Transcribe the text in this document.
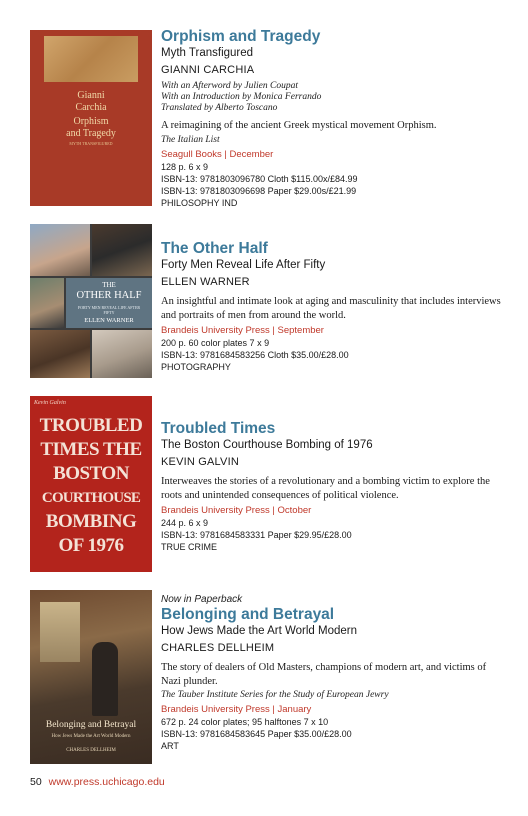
Gianni
Carchia
Orphism
and Tragedy
MYTH TRANSFIGURED
Orphism and Tragedy
Myth Transfigured
GIANNI CARCHIA
With an Afterword by Julien Coupat
With an Introduction by Monica Ferrando
Translated by Alberto Toscano
A reimagining of the ancient Greek mystical movement Orphism.
The Italian List
Seagull Books | December
128 p. 6 x 9
ISBN-13: 9781803096780 Cloth $115.00x/£84.99
ISBN-13: 9781803096698 Paper $29.00s/£21.99
PHILOSOPHY IND
THE
OTHER HALF
FORTY MEN REVEAL LIFE AFTER FIFTY
ELLEN WARNER
The Other Half
Forty Men Reveal Life After Fifty
ELLEN WARNER
An insightful and intimate look at aging and masculinity that includes interviews and portraits of men from around the world.
Brandeis University Press | September
200 p. 60 color plates 7 x 9
ISBN-13: 9781684583256 Cloth $35.00/£28.00
PHOTOGRAPHY
Kevin Galvin
TROUBLED
TIMES THE
BOSTON
COURTHOUSE
BOMBING
OF 1976
Troubled Times
The Boston Courthouse Bombing of 1976
KEVIN GALVIN
Interweaves the stories of a revolutionary and a bombing victim to explore the roots and unintended consequences of political violence.
Brandeis University Press | October
244 p. 6 x 9
ISBN-13: 9781684583331 Paper $29.95/£28.00
TRUE CRIME
Belonging and Betrayal
How Jews Made the Art World Modern
CHARLES DELLHEIM
Now in Paperback
Belonging and Betrayal
How Jews Made the Art World Modern
CHARLES DELLHEIM
The story of dealers of Old Masters, champions of modern art, and victims of Nazi plunder.
The Tauber Institute Series for the Study of European Jewry
Brandeis University Press | January
672 p. 24 color plates; 95 halftones 7 x 10
ISBN-13: 9781684583645 Paper $35.00/£28.00
ART
50 www.press.uchicago.edu
